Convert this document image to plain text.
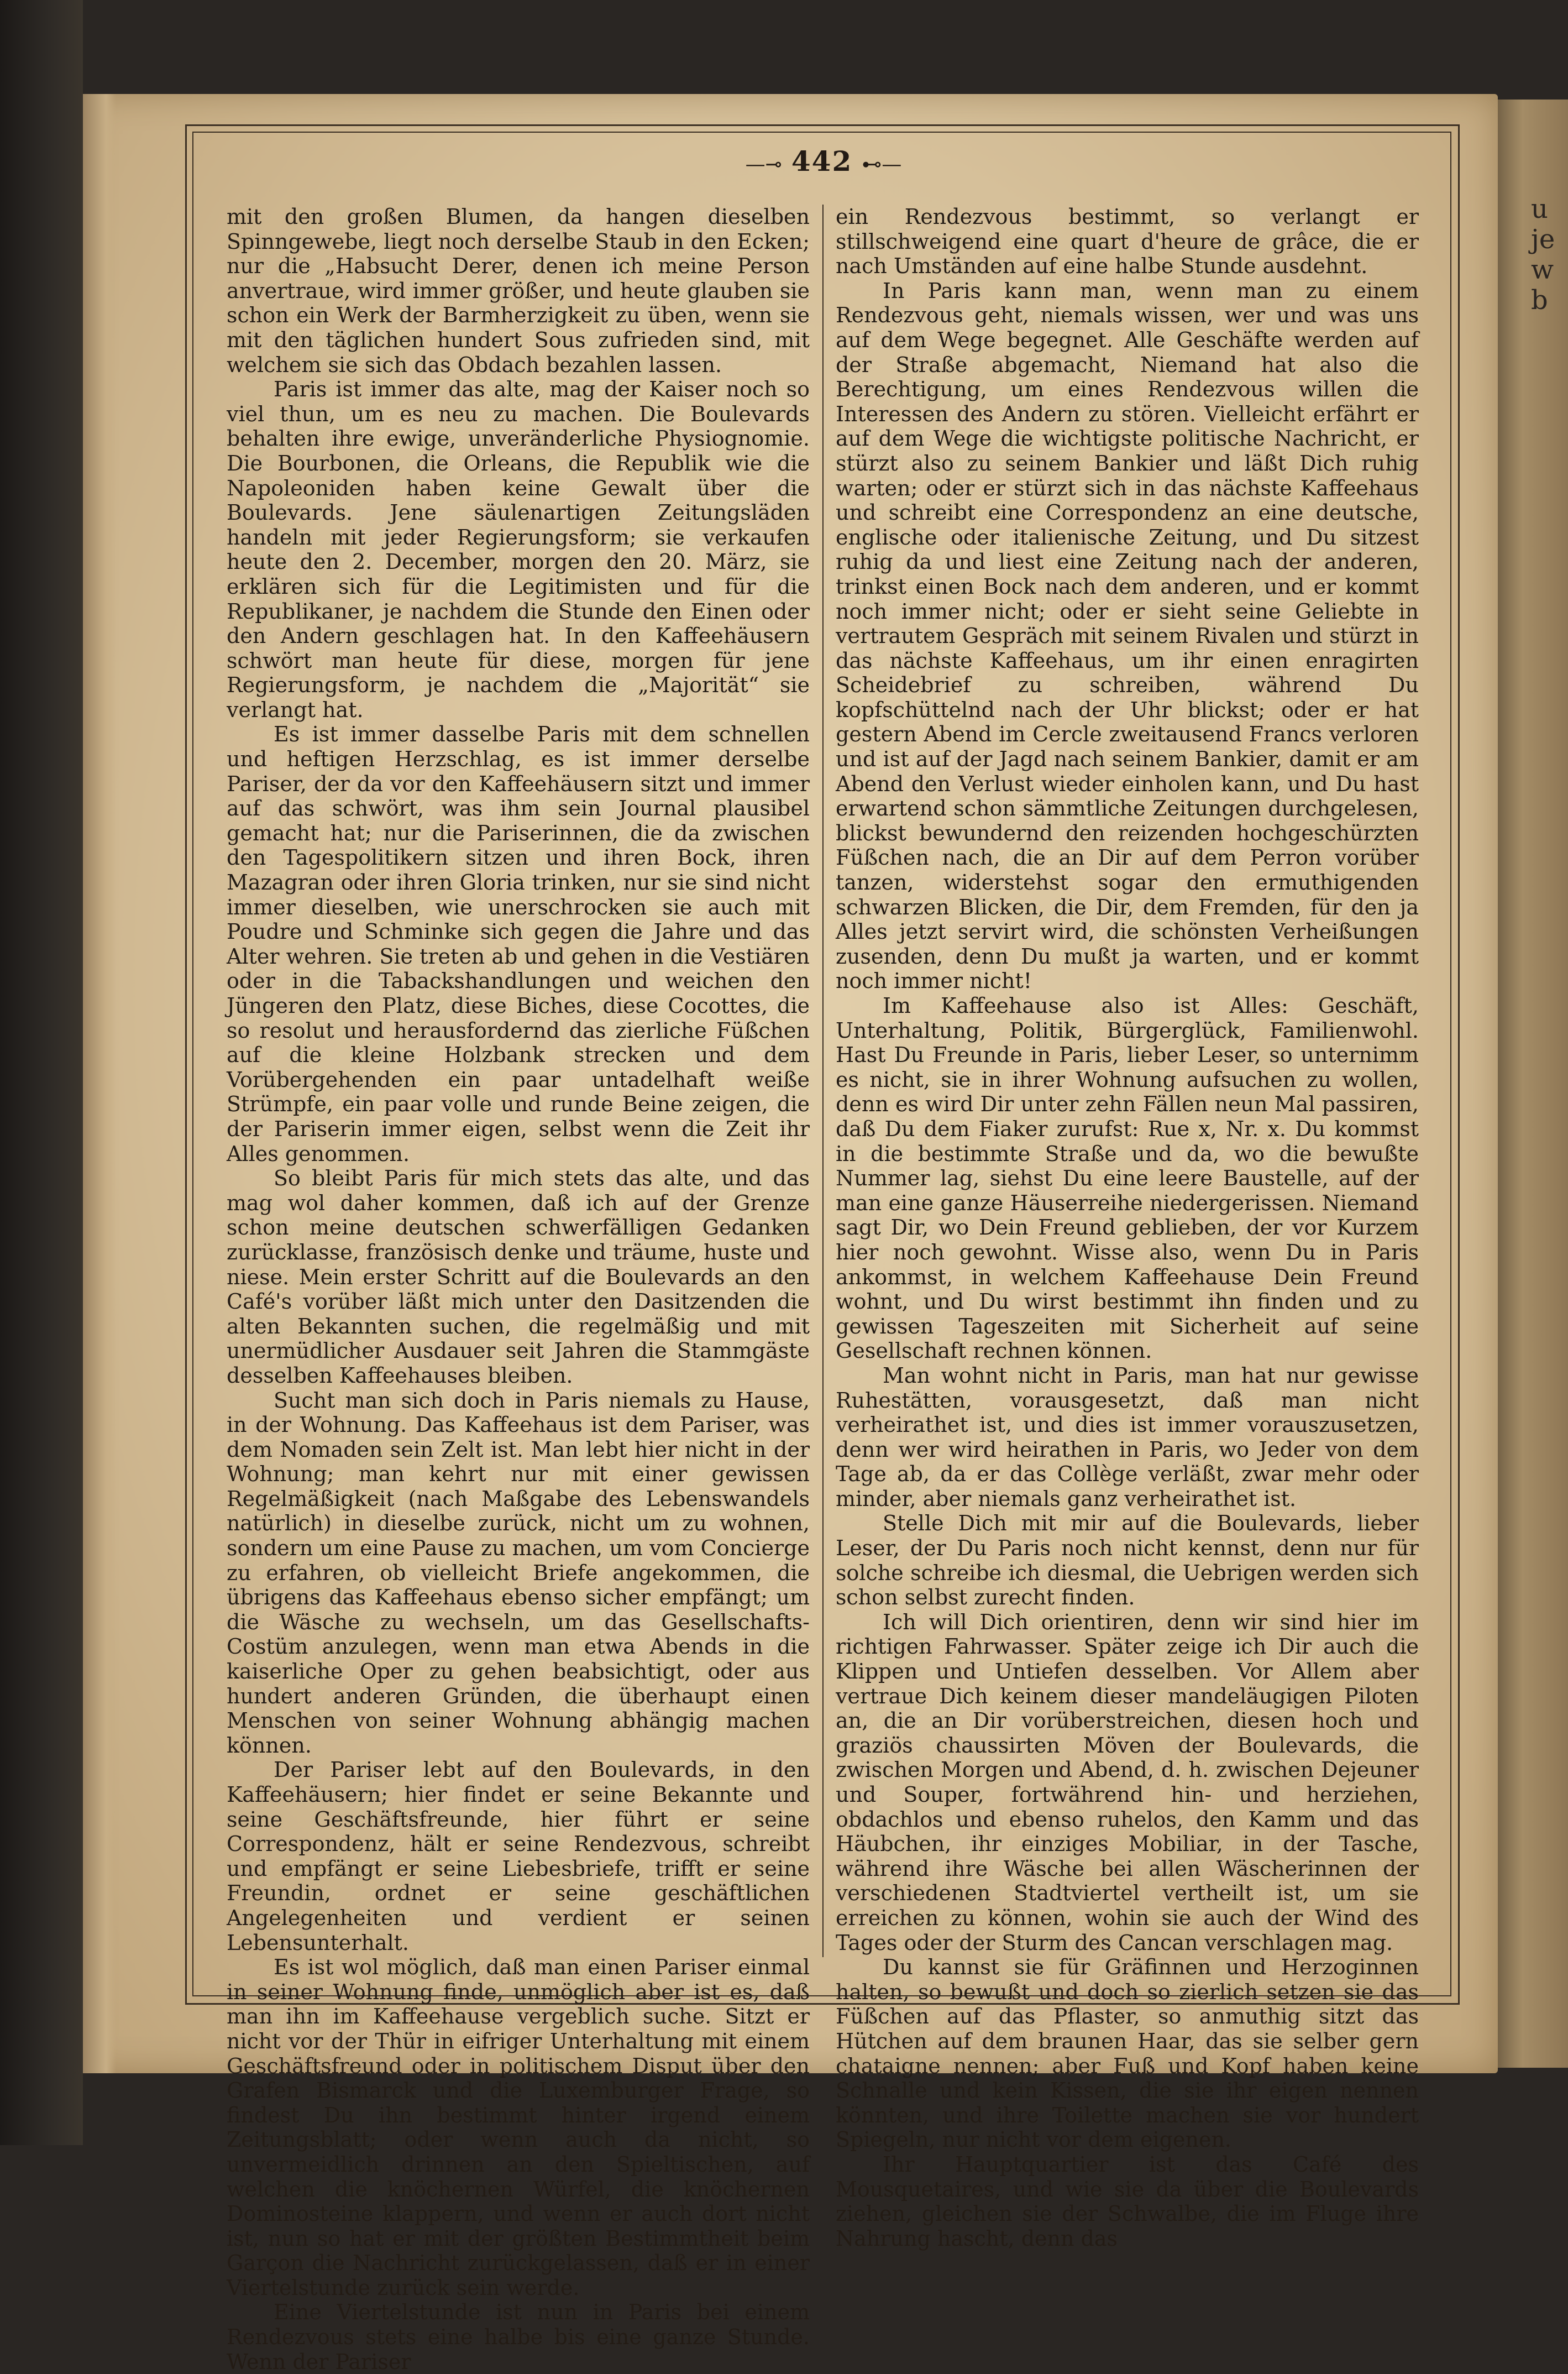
u
je
w
b
—⊸ 442 ⊷—

mit den großen Blumen, da hangen dieselben Spinngewebe, liegt noch derselbe Staub in den Ecken; nur die „Habsucht Derer, denen ich meine Person anvertraue, wird immer größer, und heute glauben sie schon ein Werk der Barmherzigkeit zu üben, wenn sie mit den täglichen hundert Sous zufrieden sind, mit welchem sie sich das Obdach bezahlen lassen.

Paris ist immer das alte, mag der Kaiser noch so viel thun, um es neu zu machen. Die Boulevards behalten ihre ewige, unveränderliche Physiognomie. Die Bourbonen, die Orleans, die Republik wie die Napoleoniden haben keine Gewalt über die Boulevards. Jene säulenartigen Zeitungsläden handeln mit jeder Regierungsform; sie verkaufen heute den 2. December, morgen den 20. März, sie erklären sich für die Legitimisten und für die Republikaner, je nachdem die Stunde den Einen oder den Andern geschlagen hat. In den Kaffeehäusern schwört man heute für diese, morgen für jene Regierungsform, je nachdem die „Majorität“ sie verlangt hat.

Es ist immer dasselbe Paris mit dem schnellen und heftigen Herzschlag, es ist immer derselbe Pariser, der da vor den Kaffeehäusern sitzt und immer auf das schwört, was ihm sein Journal plausibel gemacht hat; nur die Pariserinnen, die da zwischen den Tagespolitikern sitzen und ihren Bock, ihren Mazagran oder ihren Gloria trinken, nur sie sind nicht immer dieselben, wie unerschrocken sie auch mit Poudre und Schminke sich gegen die Jahre und das Alter wehren. Sie treten ab und gehen in die Vestiären oder in die Tabackshandlungen und weichen den Jüngeren den Platz, diese Biches, diese Cocottes, die so resolut und herausfordernd das zierliche Füßchen auf die kleine Holzbank strecken und dem Vorübergehenden ein paar untadelhaft weiße Strümpfe, ein paar volle und runde Beine zeigen, die der Pariserin immer eigen, selbst wenn die Zeit ihr Alles genommen.

So bleibt Paris für mich stets das alte, und das mag wol daher kommen, daß ich auf der Grenze schon meine deutschen schwerfälligen Gedanken zurücklasse, französisch denke und träume, huste und niese. Mein erster Schritt auf die Boulevards an den Café's vorüber läßt mich unter den Dasitzenden die alten Bekannten suchen, die regelmäßig und mit unermüdlicher Ausdauer seit Jahren die Stammgäste desselben Kaffeehauses bleiben.

Sucht man sich doch in Paris niemals zu Hause, in der Wohnung. Das Kaffeehaus ist dem Pariser, was dem Nomaden sein Zelt ist. Man lebt hier nicht in der Wohnung; man kehrt nur mit einer gewissen Regelmäßigkeit (nach Maßgabe des Lebenswandels natürlich) in dieselbe zurück, nicht um zu wohnen, sondern um eine Pause zu machen, um vom Concierge zu erfahren, ob vielleicht Briefe angekommen, die übrigens das Kaffeehaus ebenso sicher empfängt; um die Wäsche zu wechseln, um das Gesellschafts-Costüm anzulegen, wenn man etwa Abends in die kaiserliche Oper zu gehen beabsichtigt, oder aus hundert anderen Gründen, die überhaupt einen Menschen von seiner Wohnung abhängig machen können.

Der Pariser lebt auf den Boulevards, in den Kaffeehäusern; hier findet er seine Bekannte und seine Geschäftsfreunde, hier führt er seine Correspondenz, hält er seine Rendezvous, schreibt und empfängt er seine Liebesbriefe, trifft er seine Freundin, ordnet er seine geschäftlichen Angelegenheiten und verdient er seinen Lebensunterhalt.

Es ist wol möglich, daß man einen Pariser einmal in seiner Wohnung finde, unmöglich aber ist es, daß man ihn im Kaffeehause vergeblich suche. Sitzt er nicht vor der Thür in eifriger Unterhaltung mit einem Geschäftsfreund oder in politischem Disput über den Grafen Bismarck und die Luxemburger Frage, so findest Du ihn bestimmt hinter irgend einem Zeitungsblatt; oder wenn auch da nicht, so unvermeidlich drinnen an den Spieltischen, auf welchen die knöchernen Würfel, die knöchernen Dominosteine klappern, und wenn er auch dort nicht ist, nun so hat er mit der größten Bestimmtheit beim Garçon die Nachricht zurückgelassen, daß er in einer Viertelstunde zurück sein werde.

Eine Viertelstunde ist nun in Paris bei einem Rendezvous stets eine halbe bis eine ganze Stunde. Wenn der Pariser

ein Rendezvous bestimmt, so verlangt er stillschweigend eine quart d'heure de grâce, die er nach Umständen auf eine halbe Stunde ausdehnt.

In Paris kann man, wenn man zu einem Rendezvous geht, niemals wissen, wer und was uns auf dem Wege begegnet. Alle Geschäfte werden auf der Straße abgemacht, Niemand hat also die Berechtigung, um eines Rendezvous willen die Interessen des Andern zu stören. Vielleicht erfährt er auf dem Wege die wichtigste politische Nachricht, er stürzt also zu seinem Bankier und läßt Dich ruhig warten; oder er stürzt sich in das nächste Kaffeehaus und schreibt eine Correspondenz an eine deutsche, englische oder italienische Zeitung, und Du sitzest ruhig da und liest eine Zeitung nach der anderen, trinkst einen Bock nach dem anderen, und er kommt noch immer nicht; oder er sieht seine Geliebte in vertrautem Gespräch mit seinem Rivalen und stürzt in das nächste Kaffeehaus, um ihr einen enragirten Scheidebrief zu schreiben, während Du kopfschüttelnd nach der Uhr blickst; oder er hat gestern Abend im Cercle zweitausend Francs verloren und ist auf der Jagd nach seinem Bankier, damit er am Abend den Verlust wieder einholen kann, und Du hast erwartend schon sämmtliche Zeitungen durchgelesen, blickst bewundernd den reizenden hochgeschürzten Füßchen nach, die an Dir auf dem Perron vorüber tanzen, widerstehst sogar den ermuthigenden schwarzen Blicken, die Dir, dem Fremden, für den ja Alles jetzt servirt wird, die schönsten Verheißungen zusenden, denn Du mußt ja warten, und er kommt noch immer nicht!

Im Kaffeehause also ist Alles: Geschäft, Unterhaltung, Politik, Bürgerglück, Familienwohl. Hast Du Freunde in Paris, lieber Leser, so unternimm es nicht, sie in ihrer Wohnung aufsuchen zu wollen, denn es wird Dir unter zehn Fällen neun Mal passiren, daß Du dem Fiaker zurufst: Rue x, Nr. x. Du kommst in die bestimmte Straße und da, wo die bewußte Nummer lag, siehst Du eine leere Baustelle, auf der man eine ganze Häuserreihe niedergerissen. Niemand sagt Dir, wo Dein Freund geblieben, der vor Kurzem hier noch gewohnt. Wisse also, wenn Du in Paris ankommst, in welchem Kaffeehause Dein Freund wohnt, und Du wirst bestimmt ihn finden und zu gewissen Tageszeiten mit Sicherheit auf seine Gesellschaft rechnen können.

Man wohnt nicht in Paris, man hat nur gewisse Ruhestätten, vorausgesetzt, daß man nicht verheirathet ist, und dies ist immer vorauszusetzen, denn wer wird heirathen in Paris, wo Jeder von dem Tage ab, da er das Collège verläßt, zwar mehr oder minder, aber niemals ganz verheirathet ist.

Stelle Dich mit mir auf die Boulevards, lieber Leser, der Du Paris noch nicht kennst, denn nur für solche schreibe ich diesmal, die Uebrigen werden sich schon selbst zurecht finden.

Ich will Dich orientiren, denn wir sind hier im richtigen Fahrwasser. Später zeige ich Dir auch die Klippen und Untiefen desselben. Vor Allem aber vertraue Dich keinem dieser mandeläugigen Piloten an, die an Dir vorüberstreichen, diesen hoch und graziös chaussirten Möven der Boulevards, die zwischen Morgen und Abend, d. h. zwischen Dejeuner und Souper, fortwährend hin- und herziehen, obdachlos und ebenso ruhelos, den Kamm und das Häubchen, ihr einziges Mobiliar, in der Tasche, während ihre Wäsche bei allen Wäscherinnen der verschiedenen Stadtviertel vertheilt ist, um sie erreichen zu können, wohin sie auch der Wind des Tages oder der Sturm des Cancan verschlagen mag.

Du kannst sie für Gräfinnen und Herzoginnen halten, so bewußt und doch so zierlich setzen sie das Füßchen auf das Pflaster, so anmuthig sitzt das Hütchen auf dem braunen Haar, das sie selber gern chataigne nennen; aber Fuß und Kopf haben keine Schnalle und kein Kissen, die sie ihr eigen nennen könnten, und ihre Toilette machen sie vor hundert Spiegeln, nur nicht vor dem eigenen.

Ihr Hauptquartier ist das Café des Mousquetaires, und wie sie da über die Boulevards ziehen, gleichen sie der Schwalbe, die im Fluge ihre Nahrung hascht, denn das
